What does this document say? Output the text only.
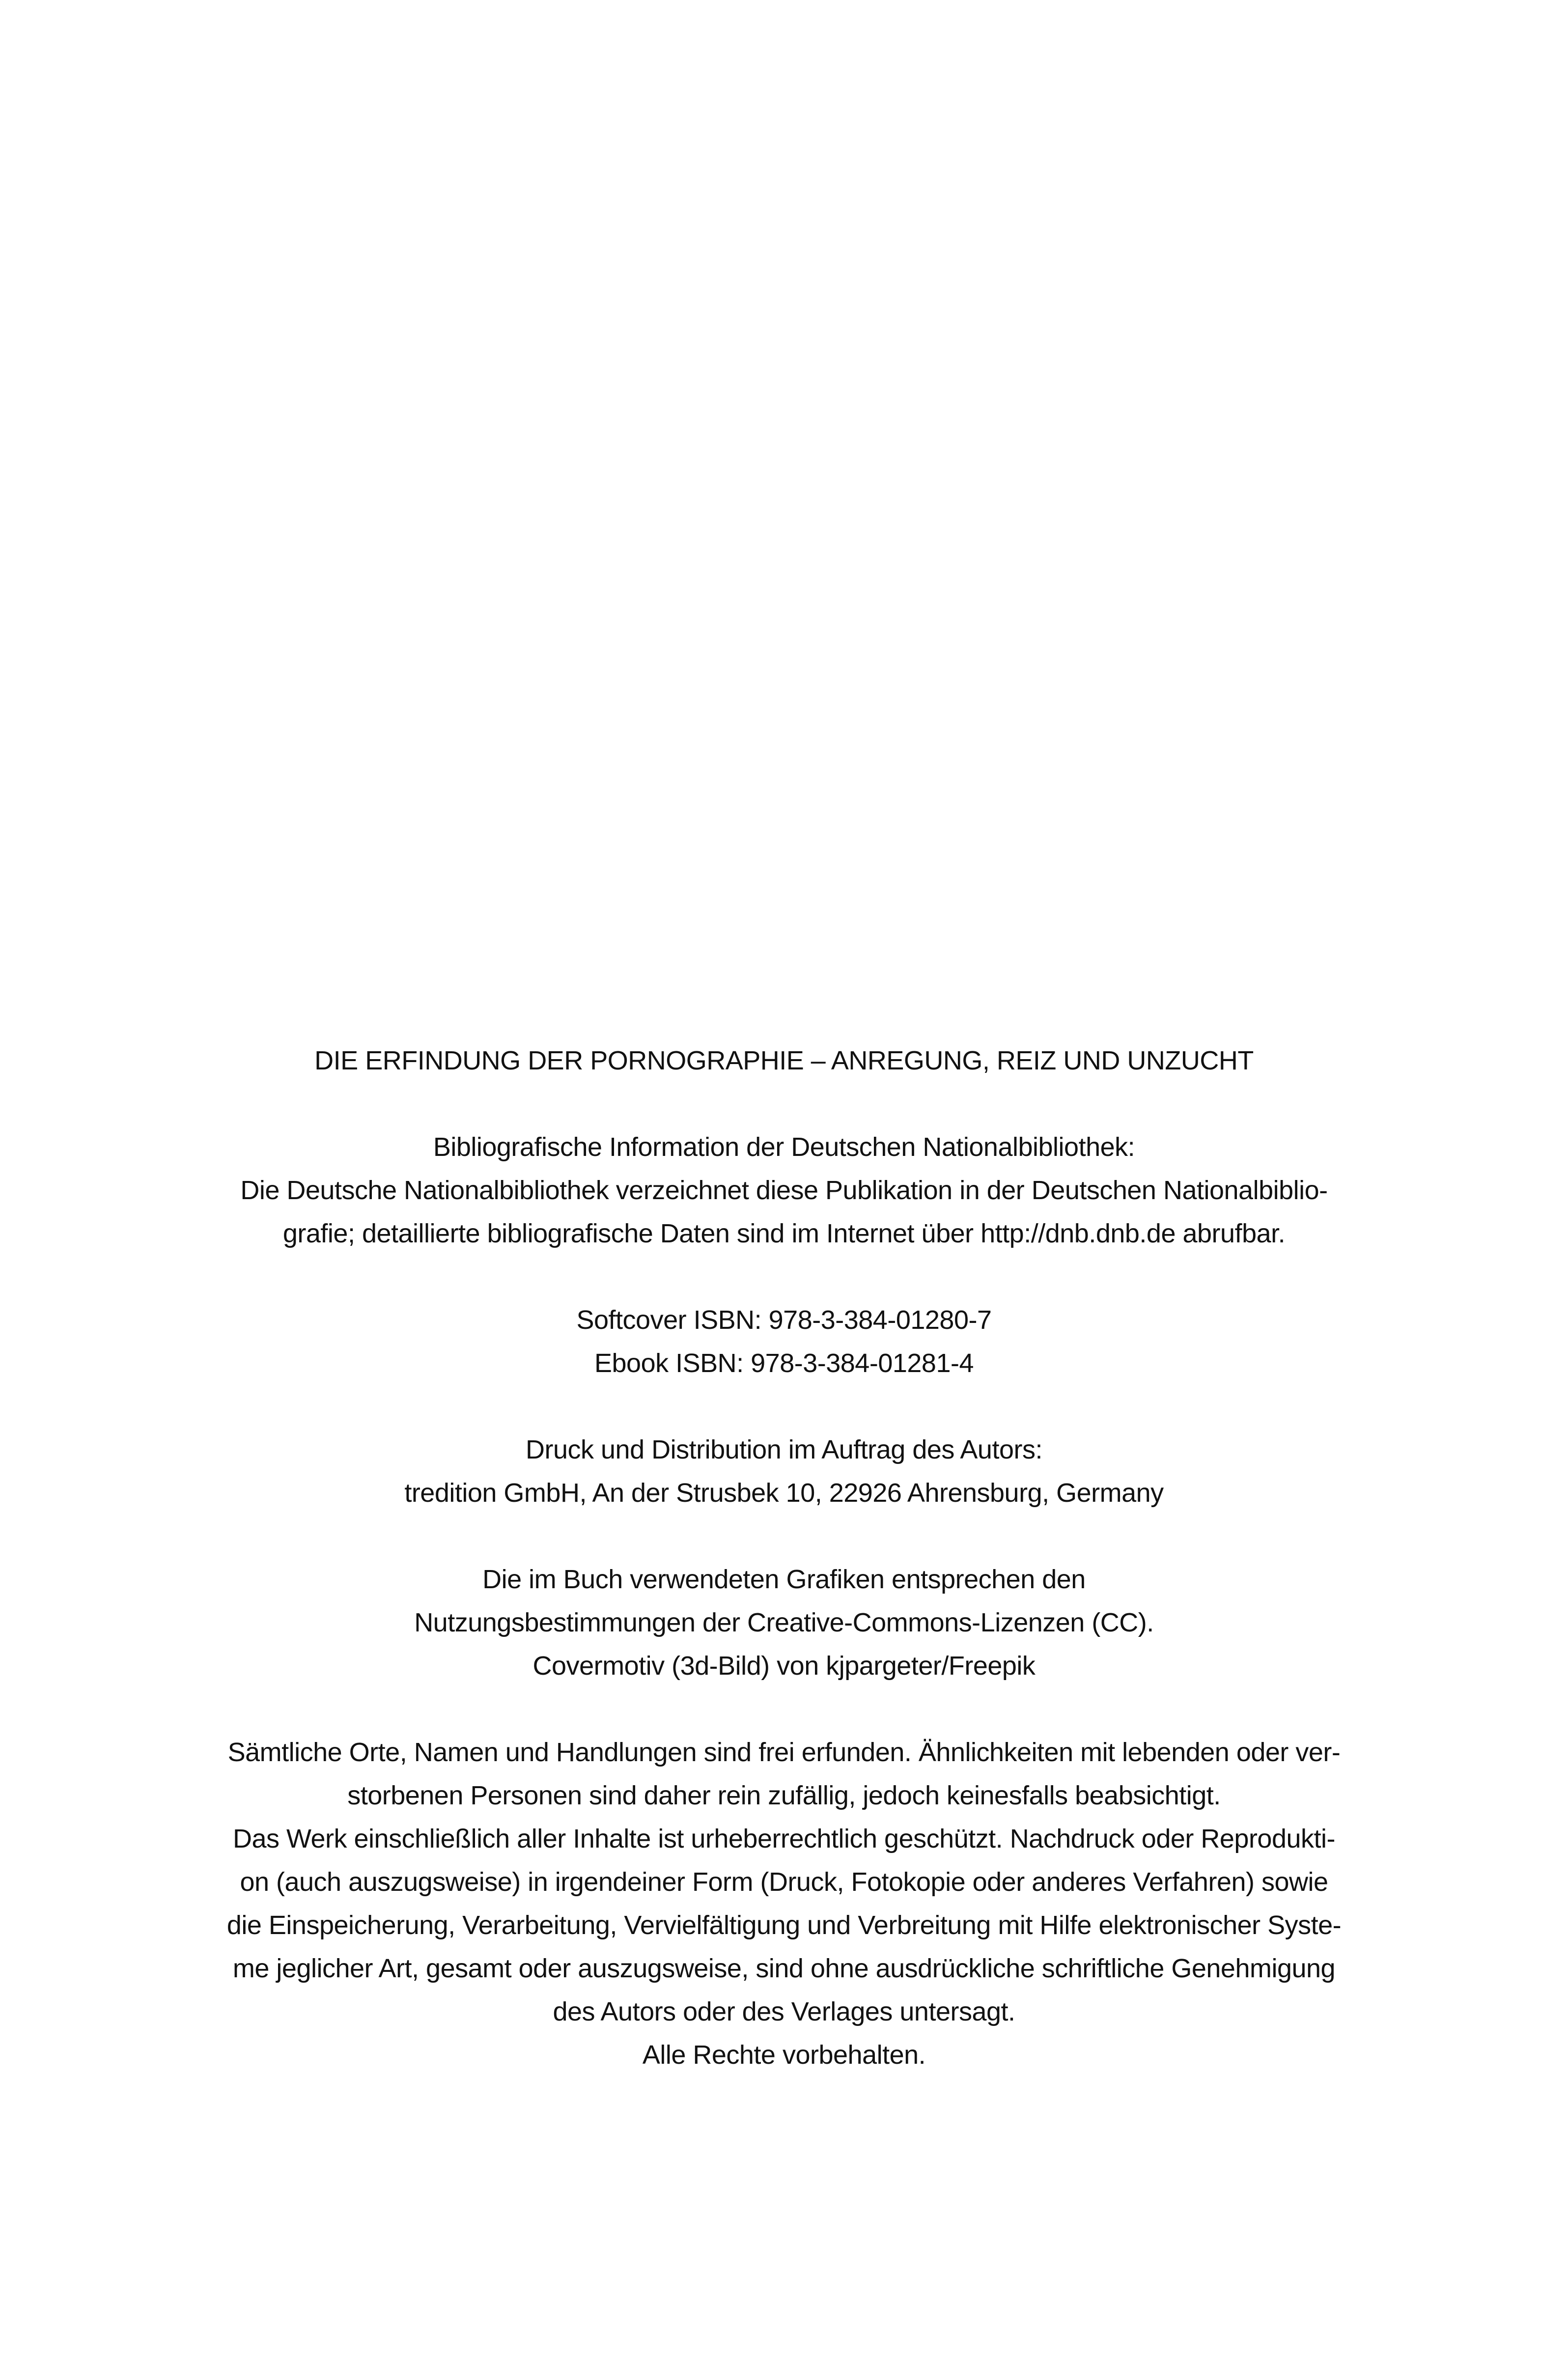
DIE ERFINDUNG DER PORNOGRAPHIE – ANREGUNG, REIZ UND UNZUCHT

Bibliografische Information der Deutschen Nationalbibliothek:
Die Deutsche Nationalbibliothek verzeichnet diese Publikation in der Deutschen Nationalbiblio-
grafie; detaillierte bibliografische Daten sind im Internet über http://dnb.dnb.de abrufbar.

Softcover ISBN: 978-3-384-01280-7
Ebook ISBN: 978-3-384-01281-4

Druck und Distribution im Auftrag des Autors:
tredition GmbH, An der Strusbek 10, 22926 Ahrensburg, Germany

Die im Buch verwendeten Grafiken entsprechen den
Nutzungsbestimmungen der Creative-Commons-Lizenzen (CC).
Covermotiv (3d-Bild) von kjpargeter/Freepik

Sämtliche Orte, Namen und Handlungen sind frei erfunden. Ähnlichkeiten mit lebenden oder ver-
storbenen Personen sind daher rein zufällig, jedoch keinesfalls beabsichtigt.
Das Werk einschließlich aller Inhalte ist urheberrechtlich geschützt. Nachdruck oder Reprodukti-
on (auch auszugsweise) in irgendeiner Form (Druck, Fotokopie oder anderes Verfahren) sowie
die Einspeicherung, Verarbeitung, Vervielfältigung und Verbreitung mit Hilfe elektronischer Syste-
me jeglicher Art, gesamt oder auszugsweise, sind ohne ausdrückliche schriftliche Genehmigung
des Autors oder des Verlages untersagt.
Alle Rechte vorbehalten.
